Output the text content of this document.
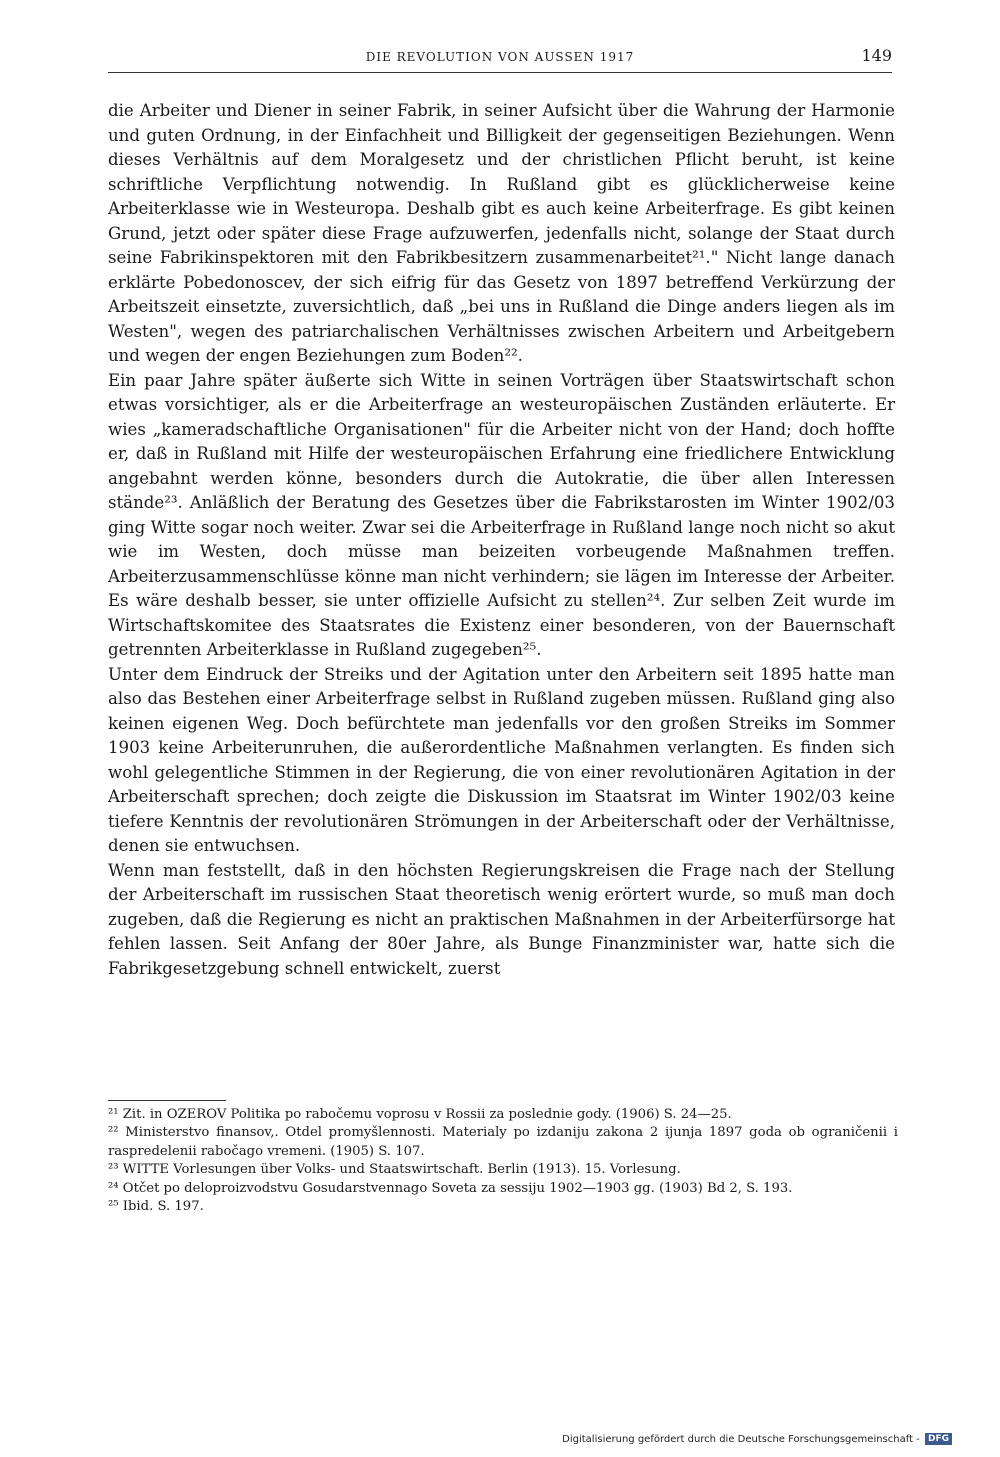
DIE REVOLUTION VON AUSSEN 1917	149

die Arbeiter und Diener in seiner Fabrik, in seiner Aufsicht über die Wahrung der Harmonie und guten Ordnung, in der Einfachheit und Billigkeit der gegenseitigen Beziehungen. Wenn dieses Verhältnis auf dem Moralgesetz und der christlichen Pflicht beruht, ist keine schriftliche Verpflichtung notwendig. In Rußland gibt es glücklicherweise keine Arbeiterklasse wie in Westeuropa. Deshalb gibt es auch keine Arbeiterfrage. Es gibt keinen Grund, jetzt oder später diese Frage aufzuwerfen, jedenfalls nicht, solange der Staat durch seine Fabrikinspektoren mit den Fabrikbesitzern zusammenarbeitet²¹." Nicht lange danach erklärte Pobedonoscev, der sich eifrig für das Gesetz von 1897 betreffend Verkürzung der Arbeitszeit einsetzte, zuversichtlich, daß „bei uns in Rußland die Dinge anders liegen als im Westen", wegen des patriarchalischen Verhältnisses zwischen Arbeitern und Arbeitgebern und wegen der engen Beziehungen zum Boden²².

Ein paar Jahre später äußerte sich Witte in seinen Vorträgen über Staatswirtschaft schon etwas vorsichtiger, als er die Arbeiterfrage an westeuropäischen Zuständen erläuterte. Er wies „kameradschaftliche Organisationen" für die Arbeiter nicht von der Hand; doch hoffte er, daß in Rußland mit Hilfe der westeuropäischen Erfahrung eine friedlichere Entwicklung angebahnt werden könne, besonders durch die Autokratie, die über allen Interessen stände²³. Anläßlich der Beratung des Gesetzes über die Fabrikstarosten im Winter 1902/03 ging Witte sogar noch weiter. Zwar sei die Arbeiterfrage in Rußland lange noch nicht so akut wie im Westen, doch müsse man beizeiten vorbeugende Maßnahmen treffen. Arbeiterzusammenschlüsse könne man nicht verhindern; sie lägen im Interesse der Arbeiter. Es wäre deshalb besser, sie unter offizielle Aufsicht zu stellen²⁴. Zur selben Zeit wurde im Wirtschaftskomitee des Staatsrates die Existenz einer besonderen, von der Bauernschaft getrennten Arbeiterklasse in Rußland zugegeben²⁵.

Unter dem Eindruck der Streiks und der Agitation unter den Arbeitern seit 1895 hatte man also das Bestehen einer Arbeiterfrage selbst in Rußland zugeben müssen. Rußland ging also keinen eigenen Weg. Doch befürchtete man jedenfalls vor den großen Streiks im Sommer 1903 keine Arbeiterunruhen, die außerordentliche Maßnahmen verlangten. Es finden sich wohl gelegentliche Stimmen in der Regierung, die von einer revolutionären Agitation in der Arbeiterschaft sprechen; doch zeigte die Diskussion im Staatsrat im Winter 1902/03 keine tiefere Kenntnis der revolutionären Strömungen in der Arbeiterschaft oder der Verhältnisse, denen sie entwuchsen.

Wenn man feststellt, daß in den höchsten Regierungskreisen die Frage nach der Stellung der Arbeiterschaft im russischen Staat theoretisch wenig erörtert wurde, so muß man doch zugeben, daß die Regierung es nicht an praktischen Maßnahmen in der Arbeiterfürsorge hat fehlen lassen. Seit Anfang der 80er Jahre, als Bunge Finanzminister war, hatte sich die Fabrikgesetzgebung schnell entwickelt, zuerst

²¹ Zit. in OZEROV Politika po rabočemu voprosu v Rossii za poslednie gody. (1906) S. 24—25.

²² Ministerstvo finansov,. Otdel promyšlennosti. Materialy po izdaniju zakona 2 ijunja 1897 goda ob ograničenii i raspredelenii rabočago vremeni. (1905) S. 107.

²³ WITTE Vorlesungen über Volks- und Staatswirtschaft. Berlin (1913). 15. Vorlesung.

²⁴ Otčet po deloproizvodstvu Gosudarstvennago Soveta za sessiju 1902—1903 gg. (1903) Bd 2, S. 193.

²⁵ Ibid. S. 197.

Digitalisierung gefördert durch die Deutsche Forschungsgemeinschaft - DFG
